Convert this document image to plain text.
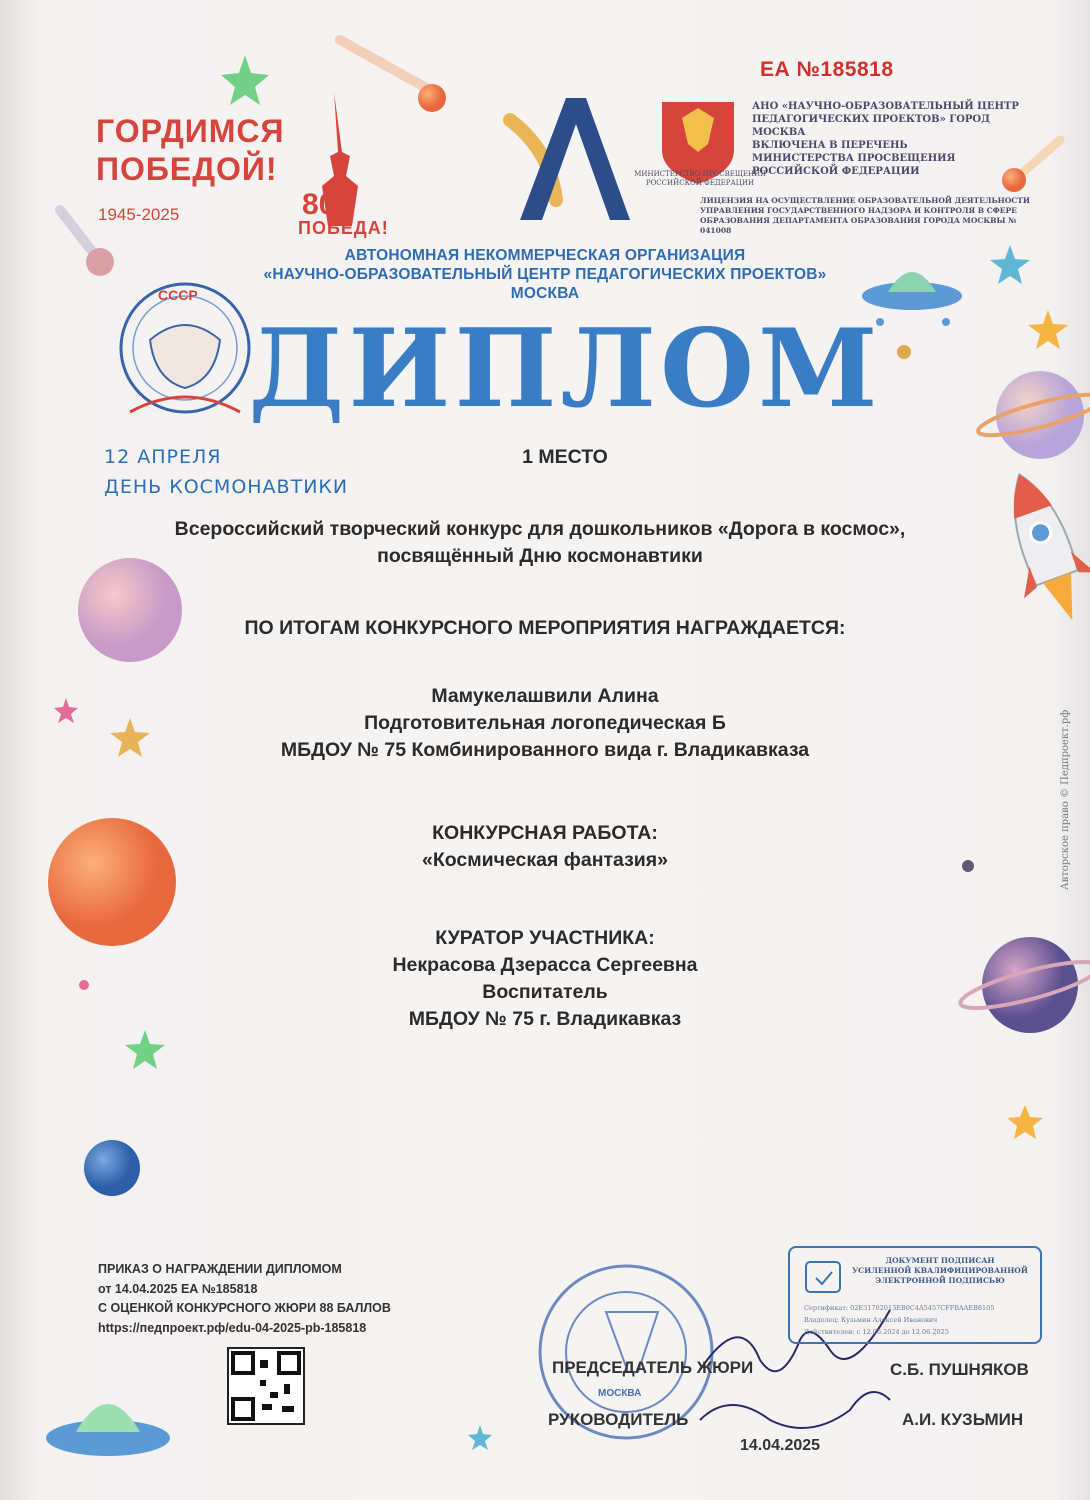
CCCP
80
ЕА №185818
ГОРДИМСЯ
ПОБЕДОЙ!
1945-2025
ПОБЕДА!
МИНИСТЕРСТВО ПРОСВЕЩЕНИЯ РОССИЙСКОЙ ФЕДЕРАЦИИ
АНО «НАУЧНО-ОБРАЗОВАТЕЛЬНЫЙ ЦЕНТР
ПЕДАГОГИЧЕСКИХ ПРОЕКТОВ» ГОРОД МОСКВА
ВКЛЮЧЕНА В ПЕРЕЧЕНЬ
МИНИСТЕРСТВА ПРОСВЕЩЕНИЯ
РОССИЙСКОЙ ФЕДЕРАЦИИ
ЛИЦЕНЗИЯ НА ОСУЩЕСТВЛЕНИЕ ОБРАЗОВАТЕЛЬНОЙ ДЕЯТЕЛЬНОСТИ
УПРАВЛЕНИЯ ГОСУДАРСТВЕННОГО НАДЗОРА И КОНТРОЛЯ В СФЕРЕ
ОБРАЗОВАНИЯ ДЕПАРТАМЕНТА ОБРАЗОВАНИЯ ГОРОДА МОСКВЫ № 041008
АВТОНОМНАЯ НЕКОММЕРЧЕСКАЯ ОРГАНИЗАЦИЯ
«НАУЧНО-ОБРАЗОВАТЕЛЬНЫЙ ЦЕНТР ПЕДАГОГИЧЕСКИХ ПРОЕКТОВ»
МОСКВА
ДИПЛОМ
12 АПРЕЛЯ
ДЕНЬ КОСМОНАВТИКИ
1 МЕСТО
Всероссийский творческий конкурс для дошкольников «Дорога в космос»,
посвящённый Дню космонавтики
ПО ИТОГАМ КОНКУРСНОГО МЕРОПРИЯТИЯ НАГРАЖДАЕТСЯ:
Мамукелашвили Алина
Подготовительная логопедическая Б
МБДОУ № 75 Комбинированного вида г. Владикавказа
КОНКУРСНАЯ РАБОТА:
«Космическая фантазия»
КУРАТОР УЧАСТНИКА:
Некрасова Дзерасса Сергеевна
Воспитатель
МБДОУ № 75 г. Владикавказ
ПРИКАЗ О НАГРАЖДЕНИИ ДИПЛОМОМ
от 14.04.2025 ЕА №185818
С ОЦЕНКОЙ КОНКУРСНОГО ЖЮРИ 88 БАЛЛОВ
https://педпроект.рф/edu-04-2025-pb-185818
МОСКВА
ДОКУМЕНТ ПОДПИСАН
УСИЛЕННОЙ КВАЛИФИЦИРОВАННОЙ
ЭЛЕКТРОННОЙ ПОДПИСЬЮ
Сертификат: 02E31702013EB0C4A5457CFFBAAEB8105
Владелец: Кузьмин Алексей Иванович
Действителен: с 12.06.2024 до 12.06.2025
ПРЕДСЕДАТЕЛЬ ЖЮРИ	С.Б. ПУШНЯКОВ
РУКОВОДИТЕЛЬ	А.И. КУЗЬМИН
14.04.2025
Авторское право © Педпроект.рф
